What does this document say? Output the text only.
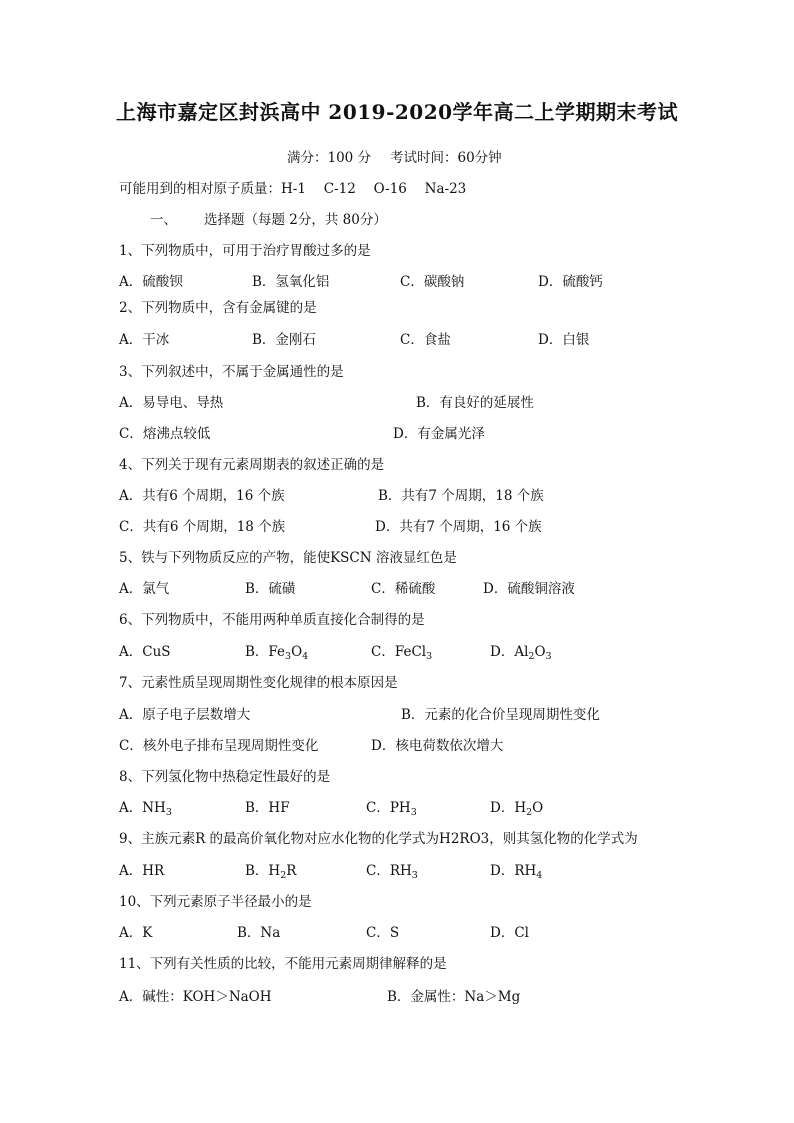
上海市嘉定区封浜高中 2019-2020学年高二上学期期末考试
满分：100 分 考试时间：60分钟
可能用到的相对原子质量：H-1　 C-12　 O-16　 Na-23
一、 选择题（每题 2分，共 80分）
1、下列物质中，可用于治疗胃酸过多的是
A．硫酸钡	B．氢氧化铝	C．碳酸钠	D．硫酸钙
2、下列物质中，含有金属键的是
A．干冰	B．金刚石	C．食盐	D．白银
3、下列叙述中，不属于金属通性的是
A．易导电、导热	B．有良好的延展性
C．熔沸点较低	D．有金属光泽
4、下列关于现有元素周期表的叙述正确的是
A．共有6 个周期，16 个族	B．共有7 个周期，18 个族
C．共有6 个周期，18 个族	D．共有7 个周期，16 个族
5、铁与下列物质反应的产物，能使KSCN 溶液显红色是
A．氯气	B．硫磺	C．稀硫酸	D．硫酸铜溶液
6、下列物质中，不能用两种单质直接化合制得的是
A．CuS	B．$Fe_3O_4$	C．FeCl$_3$	D．$Al_2O_3$
7、元素性质呈现周期性变化规律的根本原因是
A．原子电子层数增大	B．元素的化合价呈现周期性变化
C．核外电子排布呈现周期性变化	D．核电荷数依次增大
8、下列氢化物中热稳定性最好的是
A．$NH_3$	B．HF	C．$PH_3$	D．$H_2O$
9、主族元素R 的最高价氧化物对应水化物的化学式为H2RO3，则其氢化物的化学式为
A．HR	B．$H_2R$	C．$RH_3$	D．$RH_4$
10、下列元素原子半径最小的是
A．K	B．Na	C．S	D．Cl
11、下列有关性质的比较，不能用元素周期律解释的是
A．碱性：KOH＞NaOH	B．金属性：Na＞Mg
